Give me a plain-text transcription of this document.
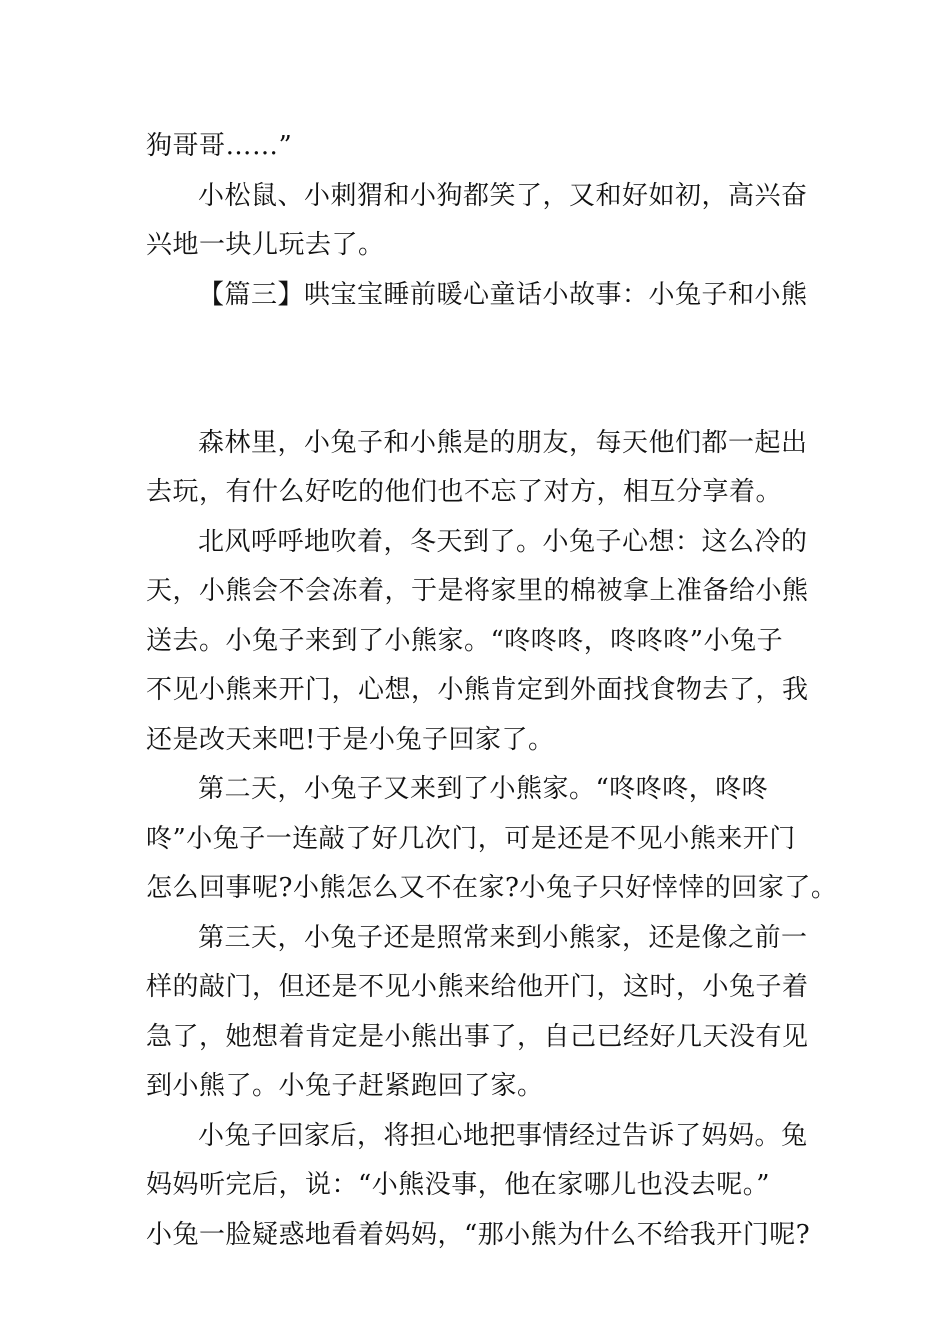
狗哥哥……”
小松鼠、小刺猬和小狗都笑了，又和好如初，高兴奋
兴地一块儿玩去了。
【篇三】哄宝宝睡前暖心童话小故事：小兔子和小熊
森林里，小兔子和小熊是的朋友，每天他们都一起出
去玩，有什么好吃的他们也不忘了对方，相互分享着。
北风呼呼地吹着，冬天到了。小兔子心想：这么冷的
天，小熊会不会冻着，于是将家里的棉被拿上准备给小熊
送去。小兔子来到了小熊家。“咚咚咚，咚咚咚”小兔子
不见小熊来开门，心想，小熊肯定到外面找食物去了，我
还是改天来吧!于是小兔子回家了。
第二天，小兔子又来到了小熊家。“咚咚咚，咚咚
咚”小兔子一连敲了好几次门，可是还是不见小熊来开门
怎么回事呢?小熊怎么又不在家?小兔子只好悻悻的回家了。
第三天，小兔子还是照常来到小熊家，还是像之前一
样的敲门，但还是不见小熊来给他开门，这时，小兔子着
急了，她想着肯定是小熊出事了，自己已经好几天没有见
到小熊了。小兔子赶紧跑回了家。
小兔子回家后，将担心地把事情经过告诉了妈妈。兔
妈妈听完后，说：“小熊没事，他在家哪儿也没去呢。”
小兔一脸疑惑地看着妈妈，“那小熊为什么不给我开门呢?
